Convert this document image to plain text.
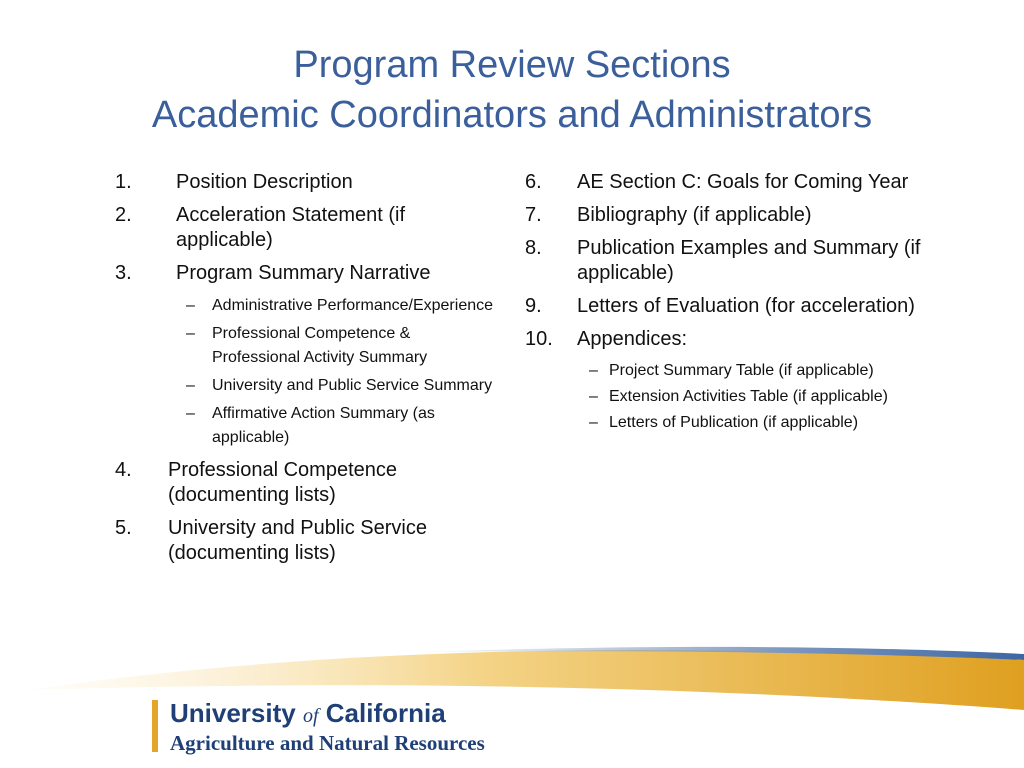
Program Review Sections
Academic Coordinators and Administrators
1.	Position Description
2.	Acceleration Statement (if applicable)
3.	Program Summary Narrative
– Administrative Performance/Experience
– Professional Competence & Professional Activity Summary
– University and Public Service Summary
– Affirmative Action Summary (as applicable)
4.	Professional Competence (documenting lists)
5.	University and Public Service (documenting lists)
6.	AE Section C: Goals for Coming Year
7.	Bibliography (if applicable)
8.	Publication Examples and Summary (if applicable)
9.	Letters of Evaluation (for acceleration)
10.	Appendices:
– Project Summary Table (if applicable)
– Extension Activities Table (if applicable)
– Letters of Publication (if applicable)
University of California
Agriculture and Natural Resources
